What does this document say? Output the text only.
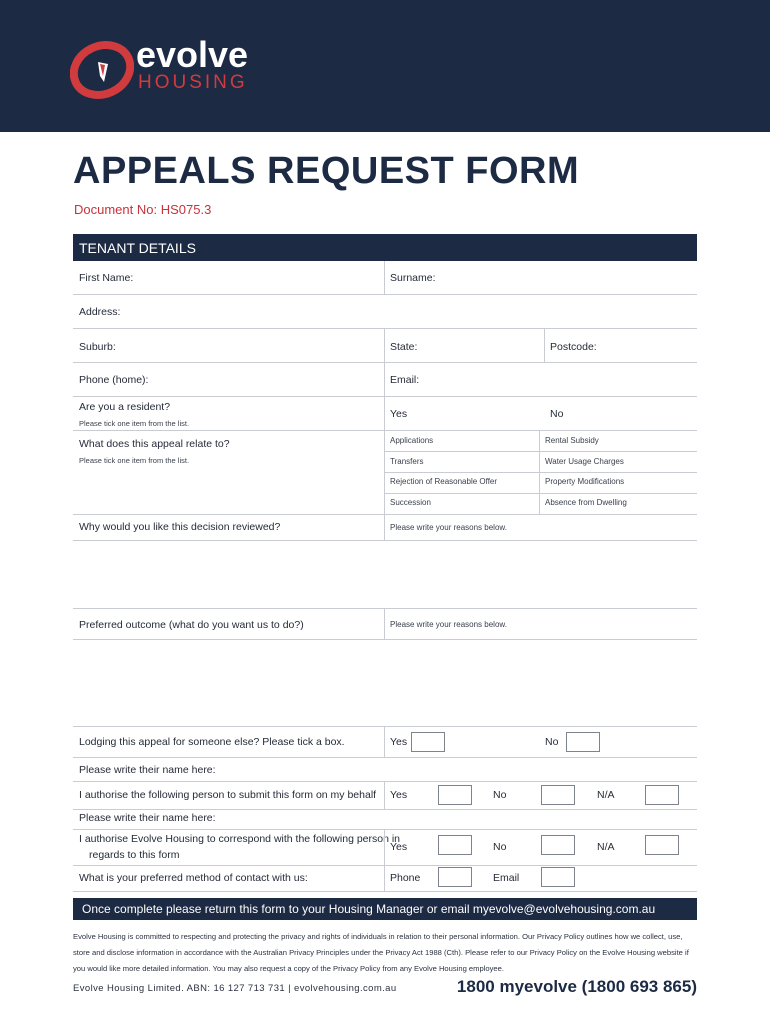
evolve
HOUSING
APPEALS REQUEST FORM
Document No: HS075.3
TENANT DETAILS
First Name:	Surname:
Address:
Suburb:	State:	Postcode:
Phone (home):	Email:
Are you a resident?
Please tick one item from the list.
Yes	No
What does this appeal relate to?
Please tick one item from the list.
Applications	Rental Subsidy
Transfers	Water Usage Charges
Rejection of Reasonable Offer	Property Modifications
Succession	Absence from Dwelling
Why would you like this decision reviewed?	Please write your reasons below.
Preferred outcome (what do you want us to do?)	Please write your reasons below.
Lodging this appeal for someone else? Please tick a box.	Yes	No
Please write their name here:
I authorise the following person to submit this form on my behalf Yes	No	N/A
Please write their name here:
I authorise Evolve Housing to correspond with the following person in
regards to this form
Yes	No	N/A
What is your preferred method of contact with us:	Phone	Email
Once complete please return this form to your Housing Manager or email myevolve@evolvehousing.com.au
Evolve Housing is committed to respecting and protecting the privacy and rights of individuals in relation to their personal information. Our Privacy Policy outlines how we collect, use, store and disclose information in accordance with the Australian Privacy Principles under the Privacy Act 1988 (Cth). Please refer to our Privacy Policy on the Evolve Housing website if you would like more detailed information. You may also request a copy of the Privacy Policy from any Evolve Housing employee.
Evolve Housing Limited. ABN: 16 127 713 731 | evolvehousing.com.au	1800 myevolve (1800 693 865)
